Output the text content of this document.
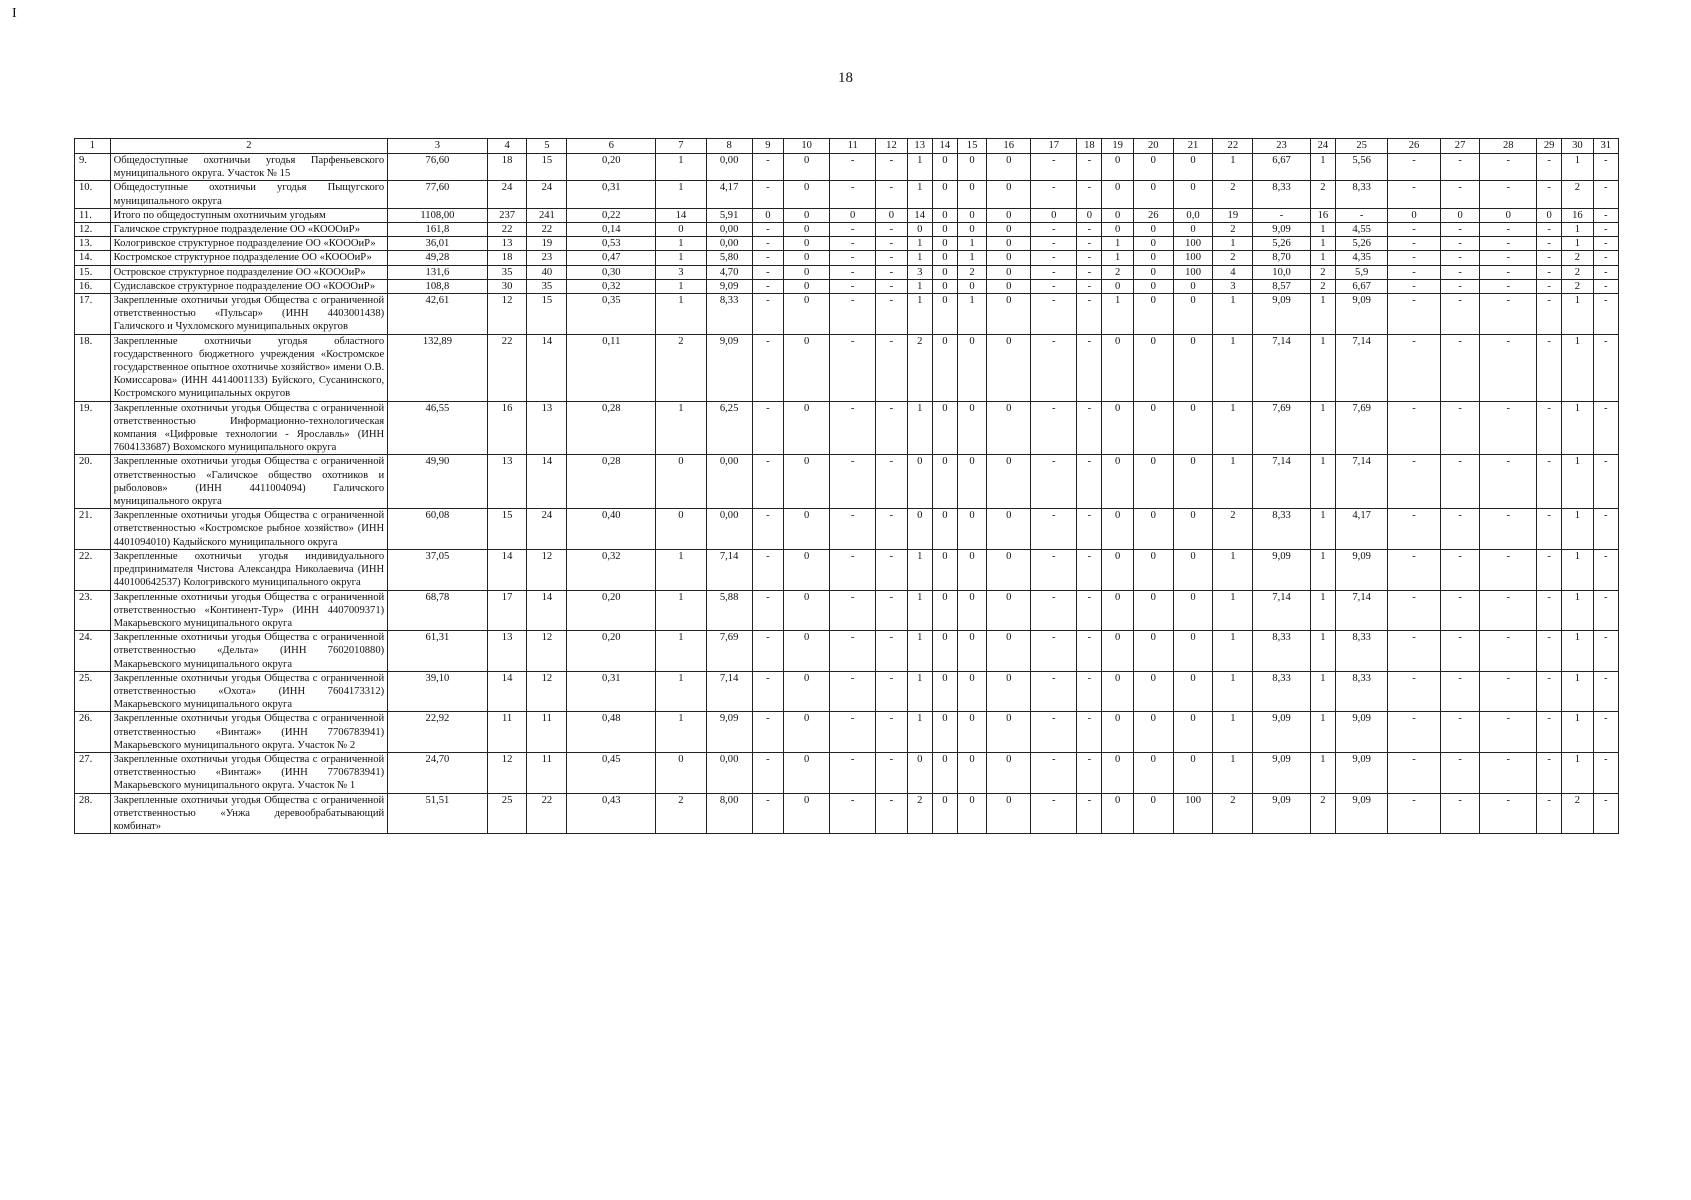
I
18
1	2	3	4	5	6	7	8	9	10	11	12	13	14	15	16	17	18	19	20	21	22	23	24	25	26	27	28	29	30	31
9.	Общедоступные охотничьи угодья Парфеньевского муниципального округа. Участок № 15	76,60	18	15	0,20	1	0,00	-	0	-	-	1	0	0	0	-	-	0	0	0	1	6,67	1	5,56	-	-	-	-	1	-
10.	Общедоступные охотничьи угодья Пыщугского муниципального округа	77,60	24	24	0,31	1	4,17	-	0	-	-	1	0	0	0	-	-	0	0	0	2	8,33	2	8,33	-	-	-	-	2	-
11.	Итого по общедоступным охотничьим угодьям	1108,00	237	241	0,22	14	5,91	0	0	0	0	14	0	0	0	0	0	0	26	0,0	19	-	16	-	0	0	0	0	16	-
12.	Галичское структурное подразделение ОО «КОООиР»	161,8	22	22	0,14	0	0,00	-	0	-	-	0	0	0	0	-	-	0	0	0	2	9,09	1	4,55	-	-	-	-	1	-
13.	Кологривское структурное подразделение ОО «КОООиР»	36,01	13	19	0,53	1	0,00	-	0	-	-	1	0	1	0	-	-	1	0	100	1	5,26	1	5,26	-	-	-	-	1	-
14.	Костромское структурное подразделение ОО «КОООиР»	49,28	18	23	0,47	1	5,80	-	0	-	-	1	0	1	0	-	-	1	0	100	2	8,70	1	4,35	-	-	-	-	2	-
15.	Островское структурное подразделение ОО «КОООиР»	131,6	35	40	0,30	3	4,70	-	0	-	-	3	0	2	0	-	-	2	0	100	4	10,0	2	5,9	-	-	-	-	2	-
16.	Судиславское структурное подразделение ОО «КОООиР»	108,8	30	35	0,32	1	9,09	-	0	-	-	1	0	0	0	-	-	0	0	0	3	8,57	2	6,67	-	-	-	-	2	-
17.	Закрепленные охотничьи угодья Общества с ограниченной ответственностью «Пульсар» (ИНН 4403001438) Галичского и Чухломского муниципальных округов	42,61	12	15	0,35	1	8,33	-	0	-	-	1	0	1	0	-	-	1	0	0	1	9,09	1	9,09	-	-	-	-	1	-
18.	Закрепленные охотничьи угодья областного государственного бюджетного учреждения «Костромское государственное опытное охотничье хозяйство» имени О.В. Комиссарова» (ИНН 4414001133) Буйского, Сусанинского, Костромского муниципальных округов	132,89	22	14	0,11	2	9,09	-	0	-	-	2	0	0	0	-	-	0	0	0	1	7,14	1	7,14	-	-	-	-	1	-
19.	Закрепленные охотничьи угодья Общества с ограниченной ответственностью Информационно-технологическая компания «Цифровые технологии - Ярославль» (ИНН 7604133687) Вохомского муниципального округа	46,55	16	13	0,28	1	6,25	-	0	-	-	1	0	0	0	-	-	0	0	0	1	7,69	1	7,69	-	-	-	-	1	-
20.	Закрепленные охотничьи угодья Общества с ограниченной ответственностью «Галичское общество охотников и рыболовов» (ИНН 4411004094) Галичского муниципального округа	49,90	13	14	0,28	0	0,00	-	0	-	-	0	0	0	0	-	-	0	0	0	1	7,14	1	7,14	-	-	-	-	1	-
21.	Закрепленные охотничьи угодья Общества с ограниченной ответственностью «Костромское рыбное хозяйство» (ИНН 4401094010) Кадыйского муниципального округа	60,08	15	24	0,40	0	0,00	-	0	-	-	0	0	0	0	-	-	0	0	0	2	8,33	1	4,17	-	-	-	-	1	-
22.	Закрепленные охотничьи угодья индивидуального предпринимателя Чистова Александра Николаевича (ИНН 440100642537) Кологривского муниципального округа	37,05	14	12	0,32	1	7,14	-	0	-	-	1	0	0	0	-	-	0	0	0	1	9,09	1	9,09	-	-	-	-	1	-
23.	Закрепленные охотничьи угодья Общества с ограниченной ответственностью «Континент-Тур» (ИНН 4407009371) Макарьевского муниципального округа	68,78	17	14	0,20	1	5,88	-	0	-	-	1	0	0	0	-	-	0	0	0	1	7,14	1	7,14	-	-	-	-	1	-
24.	Закрепленные охотничьи угодья Общества с ограниченной ответственностью «Дельта» (ИНН 7602010880) Макарьевского муниципального округа	61,31	13	12	0,20	1	7,69	-	0	-	-	1	0	0	0	-	-	0	0	0	1	8,33	1	8,33	-	-	-	-	1	-
25.	Закрепленные охотничьи угодья Общества с ограниченной ответственностью «Охота» (ИНН 7604173312) Макарьевского муниципального округа	39,10	14	12	0,31	1	7,14	-	0	-	-	1	0	0	0	-	-	0	0	0	1	8,33	1	8,33	-	-	-	-	1	-
26.	Закрепленные охотничьи угодья Общества с ограниченной ответственностью «Винтаж» (ИНН 7706783941) Макарьевского муниципального округа. Участок № 2	22,92	11	11	0,48	1	9,09	-	0	-	-	1	0	0	0	-	-	0	0	0	1	9,09	1	9,09	-	-	-	-	1	-
27.	Закрепленные охотничьи угодья Общества с ограниченной ответственностью «Винтаж» (ИНН 7706783941) Макарьевского муниципального округа. Участок № 1	24,70	12	11	0,45	0	0,00	-	0	-	-	0	0	0	0	-	-	0	0	0	1	9,09	1	9,09	-	-	-	-	1	-
28.	Закрепленные охотничьи угодья Общества с ограниченной ответственностью «Унжа деревообрабатывающий комбинат»	51,51	25	22	0,43	2	8,00	-	0	-	-	2	0	0	0	-	-	0	0	100	2	9,09	2	9,09	-	-	-	-	2	-
